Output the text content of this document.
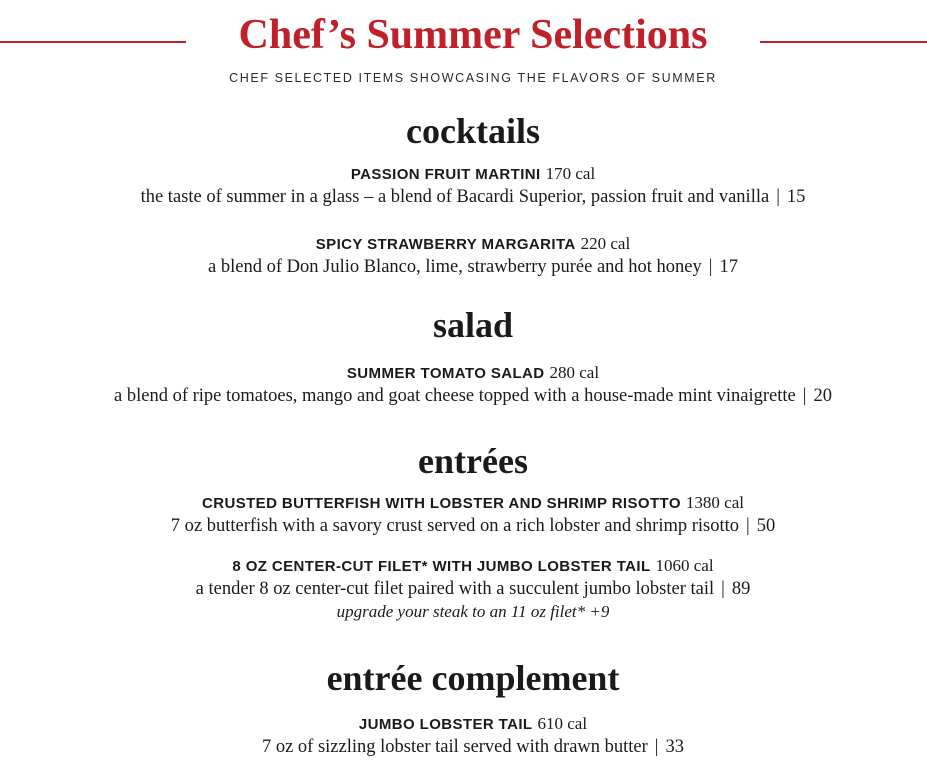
Chef’s Summer Selections

CHEF SELECTED ITEMS SHOWCASING THE FLAVORS OF SUMMER

cocktails

PASSION FRUIT MARTINI 170 cal

the taste of summer in a glass – a blend of Bacardi Superior, passion fruit and vanilla | 15

SPICY STRAWBERRY MARGARITA 220 cal

a blend of Don Julio Blanco, lime, strawberry purée and hot honey | 17

salad

SUMMER TOMATO SALAD 280 cal

a blend of ripe tomatoes, mango and goat cheese topped with a house-made mint vinaigrette | 20

entrées

CRUSTED BUTTERFISH WITH LOBSTER AND SHRIMP RISOTTO 1380 cal

7 oz butterfish with a savory crust served on a rich lobster and shrimp risotto | 50

8 OZ CENTER-CUT FILET* WITH JUMBO LOBSTER TAIL 1060 cal

a tender 8 oz center-cut filet paired with a succulent jumbo lobster tail | 89

upgrade your steak to an 11 oz filet* +9

entrée complement

JUMBO LOBSTER TAIL 610 cal

7 oz of sizzling lobster tail served with drawn butter | 33
